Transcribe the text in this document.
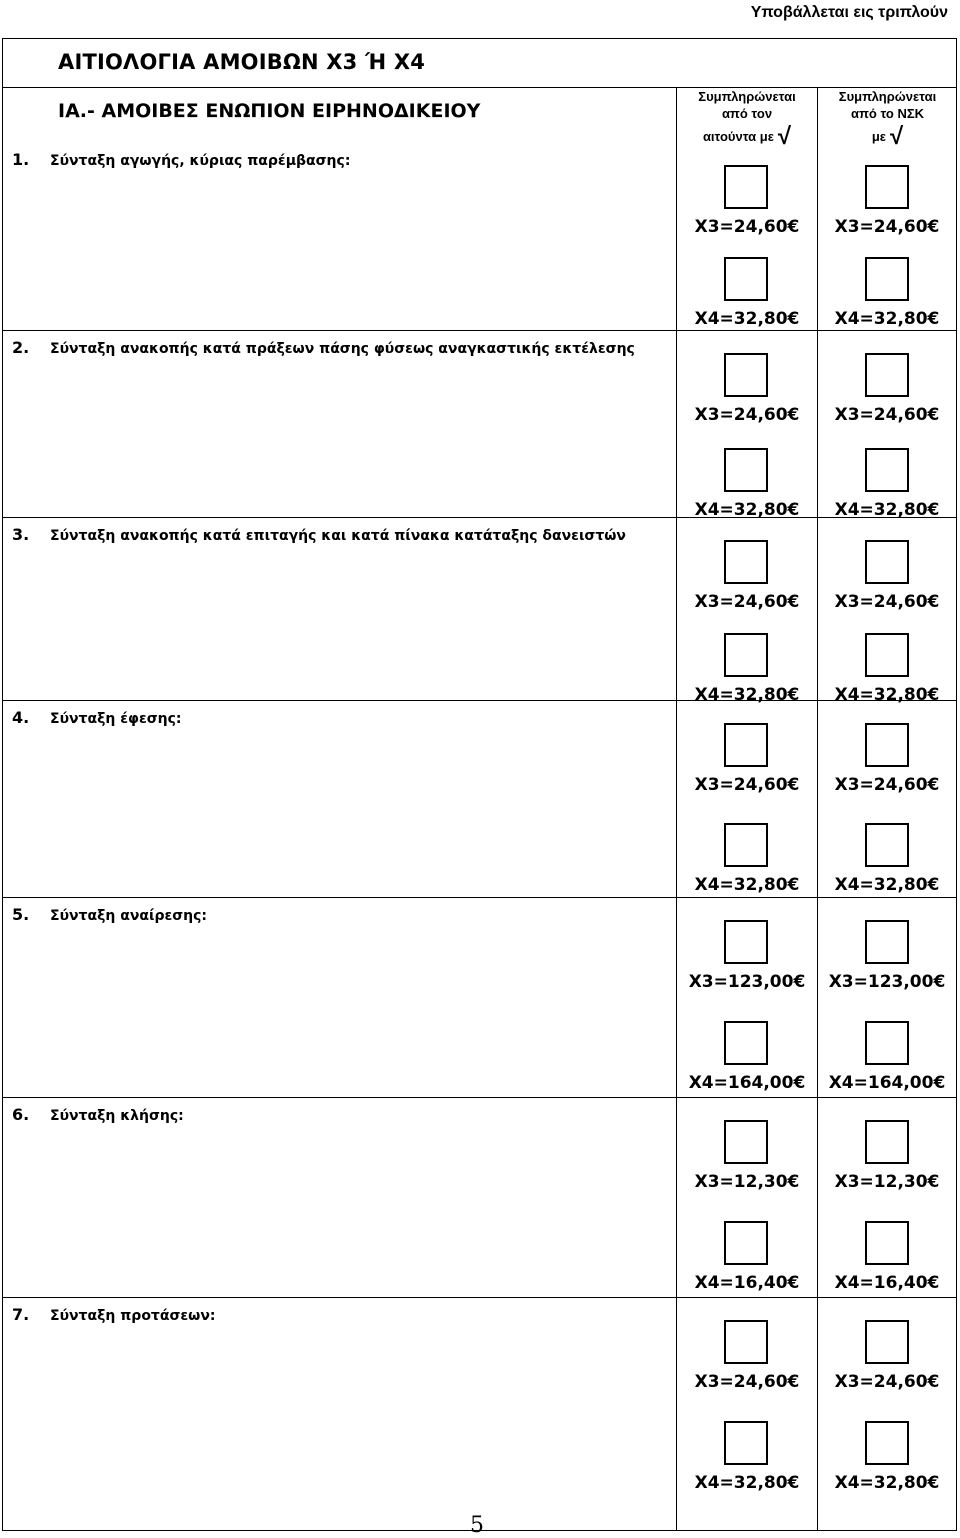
Υποβάλλεται εις τριπλούν
ΑΙΤΙΟΛΟΓΙΑ ΑΜΟΙΒΩΝ Χ3 Ή Χ4
ΙΑ.- ΑΜΟΙΒΕΣ ΕΝΩΠΙΟΝ ΕΙΡΗΝΟΔΙΚΕΙΟΥ
Συμπληρώνεται
από τον
αιτούντα με √
Συμπληρώνεται
από το ΝΣΚ
με √
1. Σύνταξη αγωγής, κύριας παρέμβασης:
Χ3=24,60€
Χ4=32,80€
Χ3=24,60€
Χ4=32,80€
2. Σύνταξη ανακοπής κατά πράξεων πάσης φύσεως αναγκαστικής εκτέλεσης
Χ3=24,60€
Χ4=32,80€
Χ3=24,60€
Χ4=32,80€
3. Σύνταξη ανακοπής κατά επιταγής και κατά πίνακα κατάταξης δανειστών
Χ3=24,60€
Χ4=32,80€
Χ3=24,60€
Χ4=32,80€
4. Σύνταξη έφεσης:
Χ3=24,60€
Χ4=32,80€
Χ3=24,60€
Χ4=32,80€
5. Σύνταξη αναίρεσης:
Χ3=123,00€
Χ4=164,00€
Χ3=123,00€
Χ4=164,00€
6. Σύνταξη κλήσης:
Χ3=12,30€
Χ4=16,40€
Χ3=12,30€
Χ4=16,40€
7. Σύνταξη προτάσεων:
Χ3=24,60€
Χ4=32,80€
Χ3=24,60€
Χ4=32,80€
5
